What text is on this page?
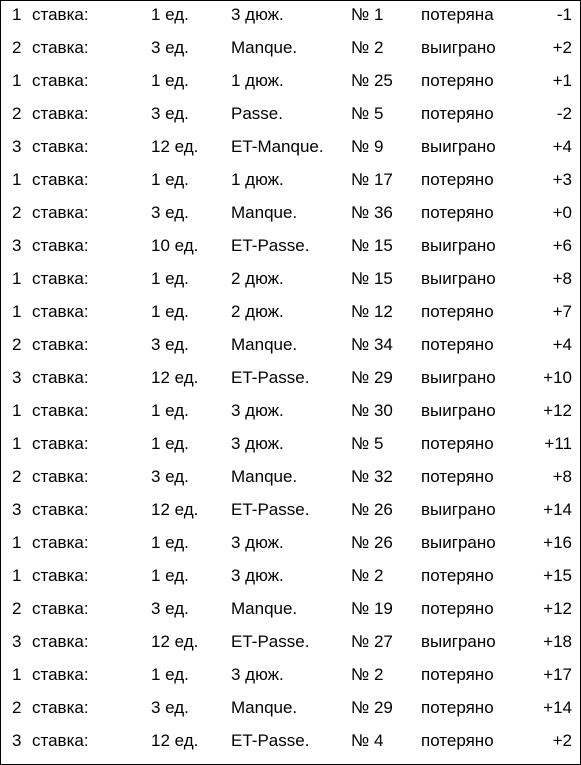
1 ставка:	1 ед.	3 дюж.	№ 1	потеряна	-1
2 ставка:	3 ед.	Manque.	№ 2	выиграно	+2
1 ставка:	1 ед.	1 дюж.	№ 25	потеряно	+1
2 ставка:	3 ед.	Passe.	№ 5	потеряно	-2
3 ставка:	12 ед.	ET-Manque.	№ 9	выиграно	+4
1 ставка:	1 ед.	1 дюж.	№ 17	потеряно	+3
2 ставка:	3 ед.	Manque.	№ 36	потеряно	+0
3 ставка:	10 ед.	ET-Passe.	№ 15	выиграно	+6
1 ставка:	1 ед.	2 дюж.	№ 15	выиграно	+8
1 ставка:	1 ед.	2 дюж.	№ 12	потеряно	+7
2 ставка:	3 ед.	Manque.	№ 34	потеряно	+4
3 ставка:	12 ед.	ET-Passe.	№ 29	выиграно	+10
1 ставка:	1 ед.	3 дюж.	№ 30	выиграно	+12
1 ставка:	1 ед.	3 дюж.	№ 5	потеряно	+11
2 ставка:	3 ед.	Manque.	№ 32	потеряно	+8
3 ставка:	12 ед.	ET-Passe.	№ 26	выиграно	+14
1 ставка:	1 ед.	3 дюж.	№ 26	выиграно	+16
1 ставка:	1 ед.	3 дюж.	№ 2	потеряно	+15
2 ставка:	3 ед.	Manque.	№ 19	потеряно	+12
3 ставка:	12 ед.	ET-Passe.	№ 27	выиграно	+18
1 ставка:	1 ед.	3 дюж.	№ 2	потеряно	+17
2 ставка:	3 ед.	Manque.	№ 29	потеряно	+14
3 ставка:	12 ед.	ET-Passe.	№ 4	потеряно	+2
